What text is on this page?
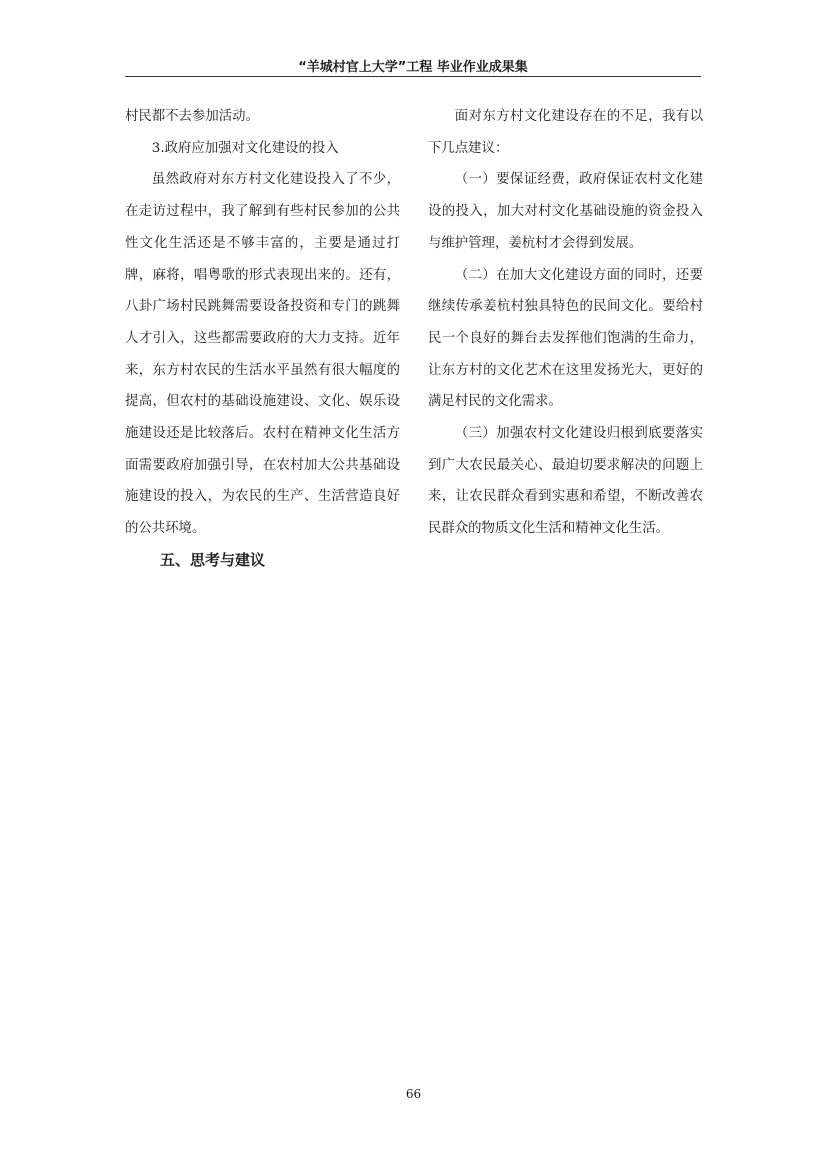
“羊城村官上大学”工程 毕业作业成果集

村民都不去参加活动。

3.政府应加强对文化建设的投入

虽然政府对东方村文化建设投入了不少，在走访过程中，我了解到有些村民参加的公共性文化生活还是不够丰富的，主要是通过打牌，麻将，唱粤歌的形式表现出来的。还有，八卦广场村民跳舞需要设备投资和专门的跳舞人才引入，这些都需要政府的大力支持。近年来，东方村农民的生活水平虽然有很大幅度的提高，但农村的基础设施建设、文化、娱乐设施建设还是比较落后。农村在精神文化生活方面需要政府加强引导，在农村加大公共基础设施建设的投入，为农民的生产、生活营造良好的公共环境。

五、思考与建议

面对东方村文化建设存在的不足，我有以下几点建议：

（一）要保证经费，政府保证农村文化建设的投入，加大对村文化基础设施的资金投入与维护管理，姜杭村才会得到发展。

（二）在加大文化建设方面的同时，还要继续传承姜杭村独具特色的民间文化。要给村民一个良好的舞台去发挥他们饱满的生命力，让东方村的文化艺术在这里发扬光大，更好的满足村民的文化需求。

（三）加强农村文化建设归根到底要落实到广大农民最关心、最迫切要求解决的问题上来，让农民群众看到实惠和希望，不断改善农民群众的物质文化生活和精神文化生活。

66
